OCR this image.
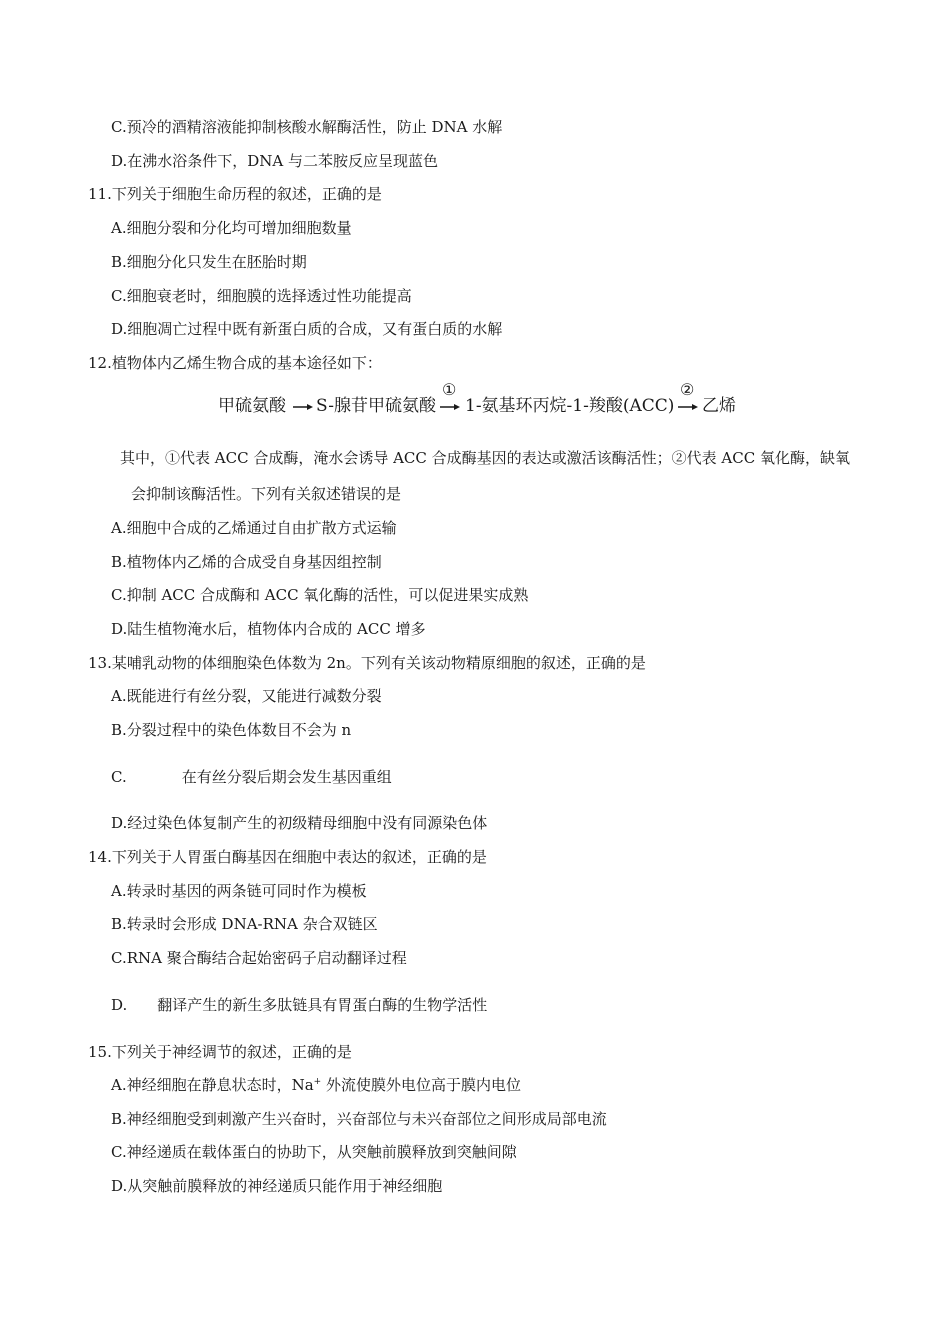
C.预冷的酒精溶液能抑制核酸水解酶活性，防止 DNA 水解
D.在沸水浴条件下，DNA 与二苯胺反应呈现蓝色
11.下列关于细胞生命历程的叙述，正确的是
A.细胞分裂和分化均可增加细胞数量
B.细胞分化只发生在胚胎时期
C.细胞衰老时，细胞膜的选择透过性功能提高
D.细胞凋亡过程中既有新蛋白质的合成，又有蛋白质的水解
12.植物体内乙烯生物合成的基本途径如下：
甲硫氨酸 S-腺苷甲硫氨酸
①
1-氨基环丙烷-1-羧酸(ACC)
②
乙烯
其中，①代表 ACC 合成酶，淹水会诱导 ACC 合成酶基因的表达或激活该酶活性；②代表 ACC 氧化酶，缺氧
会抑制该酶活性。下列有关叙述错误的是
A.细胞中合成的乙烯通过自由扩散方式运输
B.植物体内乙烯的合成受自身基因组控制
C.抑制 ACC 合成酶和 ACC 氧化酶的活性，可以促进果实成熟
D.陆生植物淹水后，植物体内合成的 ACC 增多
13.某哺乳动物的体细胞染色体数为 2n。下列有关该动物精原细胞的叙述，正确的是
A.既能进行有丝分裂，又能进行减数分裂
B.分裂过程中的染色体数目不会为 n
C.	在有丝分裂后期会发生基因重组
D.经过染色体复制产生的初级精母细胞中没有同源染色体
14.下列关于人胃蛋白酶基因在细胞中表达的叙述，正确的是
A.转录时基因的两条链可同时作为模板
B.转录时会形成 DNA-RNA 杂合双链区
C.RNA 聚合酶结合起始密码子启动翻译过程
D. 翻译产生的新生多肽链具有胃蛋白酶的生物学活性
15.下列关于神经调节的叙述，正确的是
A.神经细胞在静息状态时，Na+ 外流使膜外电位高于膜内电位
B.神经细胞受到刺激产生兴奋时，兴奋部位与未兴奋部位之间形成局部电流
C.神经递质在载体蛋白的协助下，从突触前膜释放到突触间隙
D.从突触前膜释放的神经递质只能作用于神经细胞
